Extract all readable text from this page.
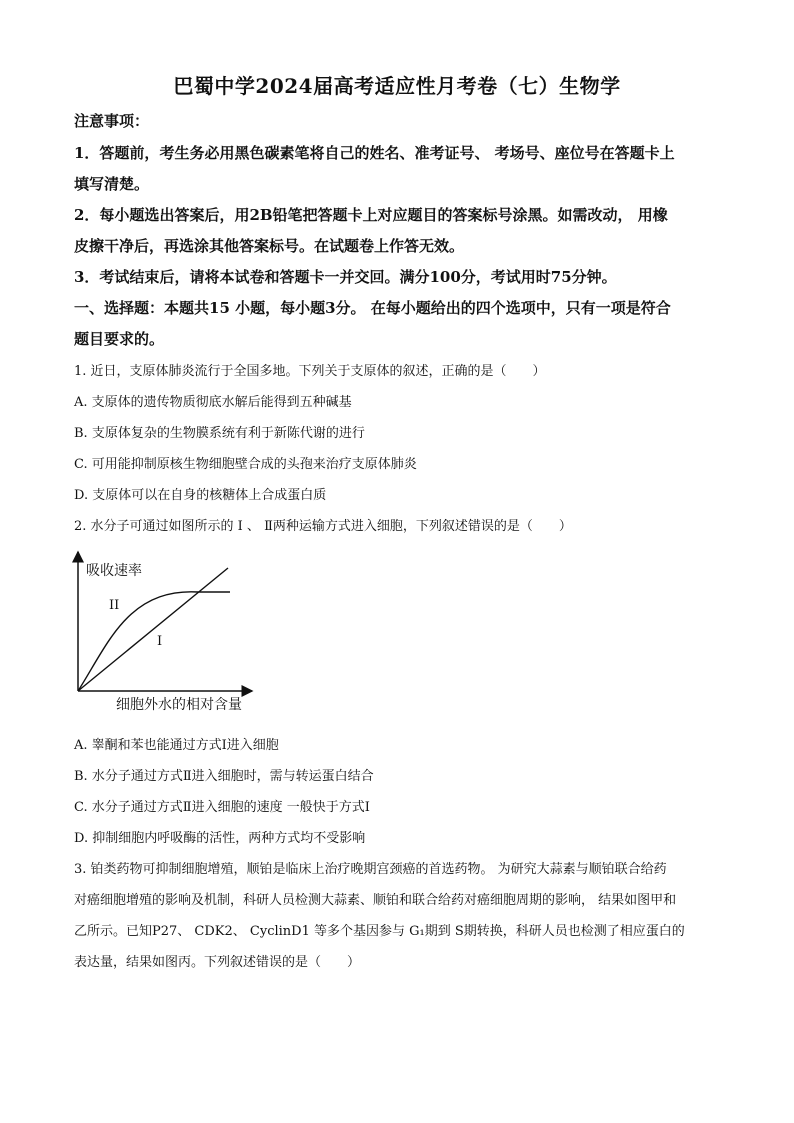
巴蜀中学2024届高考适应性月考卷（七）生物学
注意事项：
1．答题前，考生务必用黑色碳素笔将自己的姓名、准考证号、 考场号、座位号在答题卡上
填写清楚。
2．每小题选出答案后，用2B铅笔把答题卡上对应题目的答案标号涂黑。如需改动， 用橡
皮擦干净后，再选涂其他答案标号。在试题卷上作答无效。
3．考试结束后，请将本试卷和答题卡一并交回。满分100分，考试用时75分钟。
一、选择题：本题共15 小题，每小题3分。 在每小题给出的四个选项中，只有一项是符合
题目要求的。
1. 近日，支原体肺炎流行于全国多地。下列关于支原体的叙述，正确的是（　　）
A. 支原体的遗传物质彻底水解后能得到五种碱基
B. 支原体复杂的生物膜系统有利于新陈代谢的进行
C. 可用能抑制原核生物细胞壁合成的头孢来治疗支原体肺炎
D. 支原体可以在自身的核糖体上合成蛋白质
2. 水分子可通过如图所示的 Ⅰ 、 Ⅱ两种运输方式进入细胞，下列叙述错误的是（　　）
吸收速率
II
I
细胞外水的相对含量
A. 睾酮和苯也能通过方式Ⅰ进入细胞
B. 水分子通过方式Ⅱ进入细胞时，需与转运蛋白结合
C. 水分子通过方式Ⅱ进入细胞的速度 一般快于方式Ⅰ
D. 抑制细胞内呼吸酶的活性，两种方式均不受影响
3. 铂类药物可抑制细胞增殖，顺铂是临床上治疗晚期宫颈癌的首选药物。 为研究大蒜素与顺铂联合给药
对癌细胞增殖的影响及机制，科研人员检测大蒜素、顺铂和联合给药对癌细胞周期的影响， 结果如图甲和
乙所示。已知P27、 CDK2、 CyclinD1 等多个基因参与 G₁期到 S期转换，科研人员也检测了相应蛋白的
表达量，结果如图丙。下列叙述错误的是（　　）
